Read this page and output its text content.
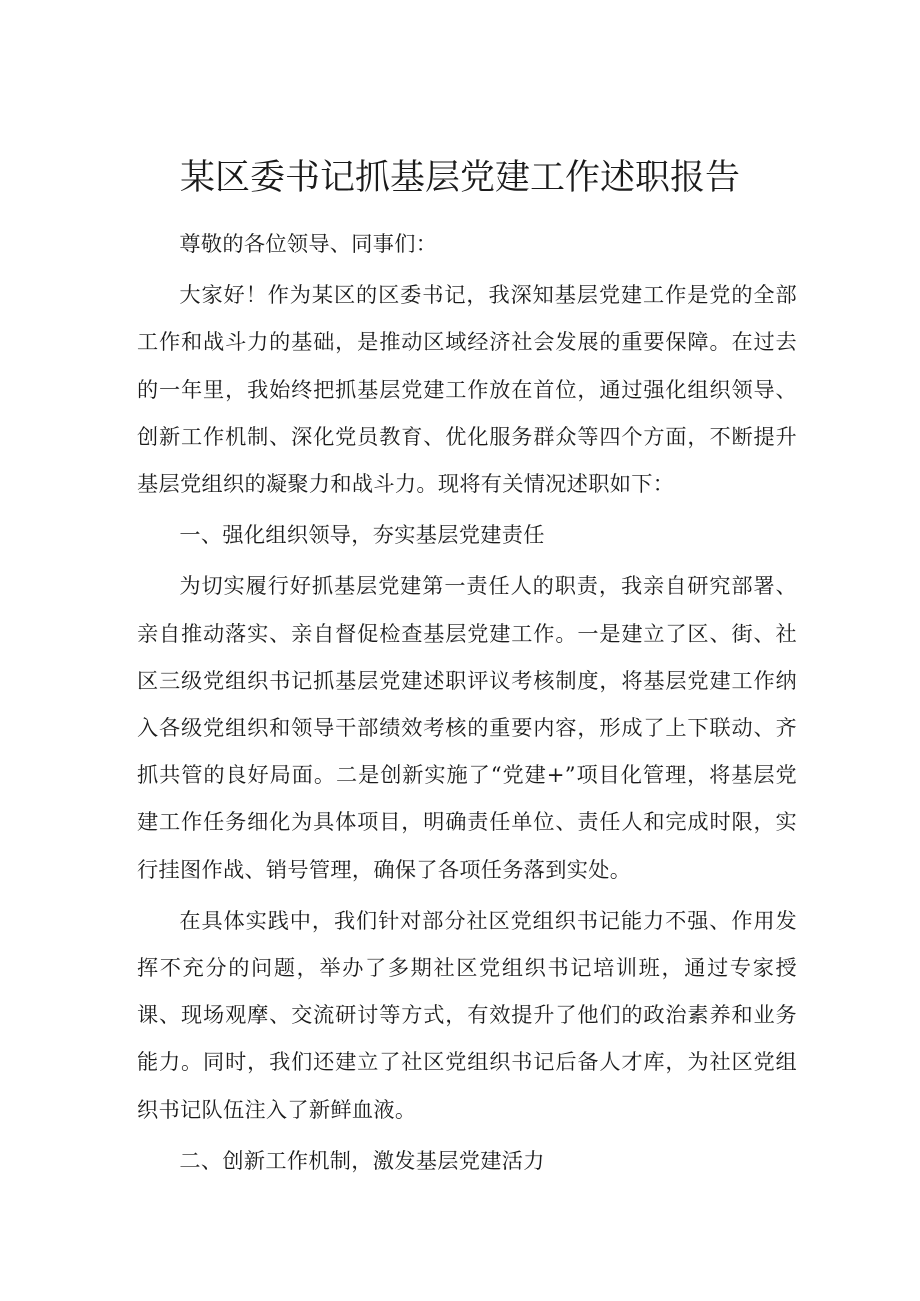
某区委书记抓基层党建工作述职报告

尊敬的各位领导、同事们：

大家好！作为某区的区委书记，我深知基层党建工作是党的全部工作和战斗力的基础，是推动区域经济社会发展的重要保障。在过去的一年里，我始终把抓基层党建工作放在首位，通过强化组织领导、创新工作机制、深化党员教育、优化服务群众等四个方面，不断提升基层党组织的凝聚力和战斗力。现将有关情况述职如下：

一、强化组织领导，夯实基层党建责任

为切实履行好抓基层党建第一责任人的职责，我亲自研究部署、亲自推动落实、亲自督促检查基层党建工作。一是建立了区、街、社区三级党组织书记抓基层党建述职评议考核制度，将基层党建工作纳入各级党组织和领导干部绩效考核的重要内容，形成了上下联动、齐抓共管的良好局面。二是创新实施了“党建+”项目化管理，将基层党建工作任务细化为具体项目，明确责任单位、责任人和完成时限，实行挂图作战、销号管理，确保了各项任务落到实处。

在具体实践中，我们针对部分社区党组织书记能力不强、作用发挥不充分的问题，举办了多期社区党组织书记培训班，通过专家授课、现场观摩、交流研讨等方式，有效提升了他们的政治素养和业务能力。同时，我们还建立了社区党组织书记后备人才库，为社区党组织书记队伍注入了新鲜血液。

二、创新工作机制，激发基层党建活力
